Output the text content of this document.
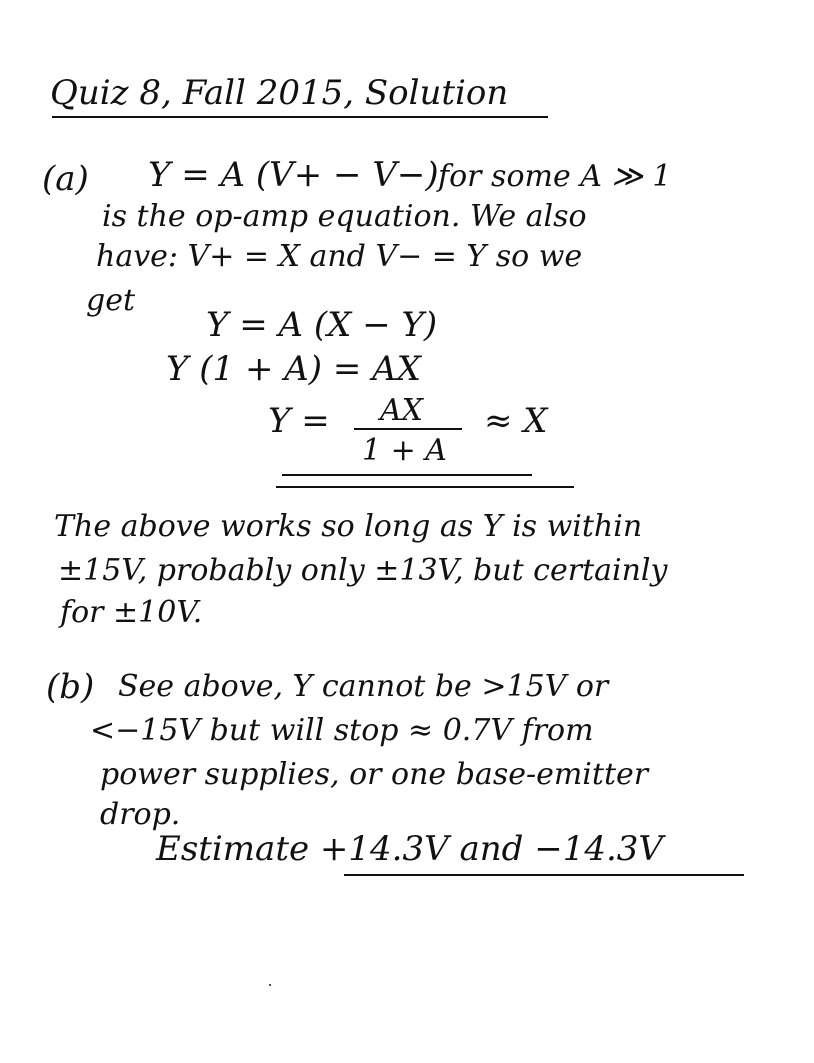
Quiz 8, Fall 2015, Solution
(a) Y = A (V+ − V−) for some A ≫ 1
is the op-amp equation. We also
have: V+ = X and V− = Y so we
get
Y = A (X − Y)
Y (1 + A) = AX
Y = AX
1 + A
≈ X
The above works so long as Y is within
±15V, probably only ±13V, but certainly
for ±10V.
(b) See above, Y cannot be >15V or
<−15V but will stop ≈ 0.7V from
power supplies, or one base-emitter
drop.
Estimate +14.3V and −14.3V
